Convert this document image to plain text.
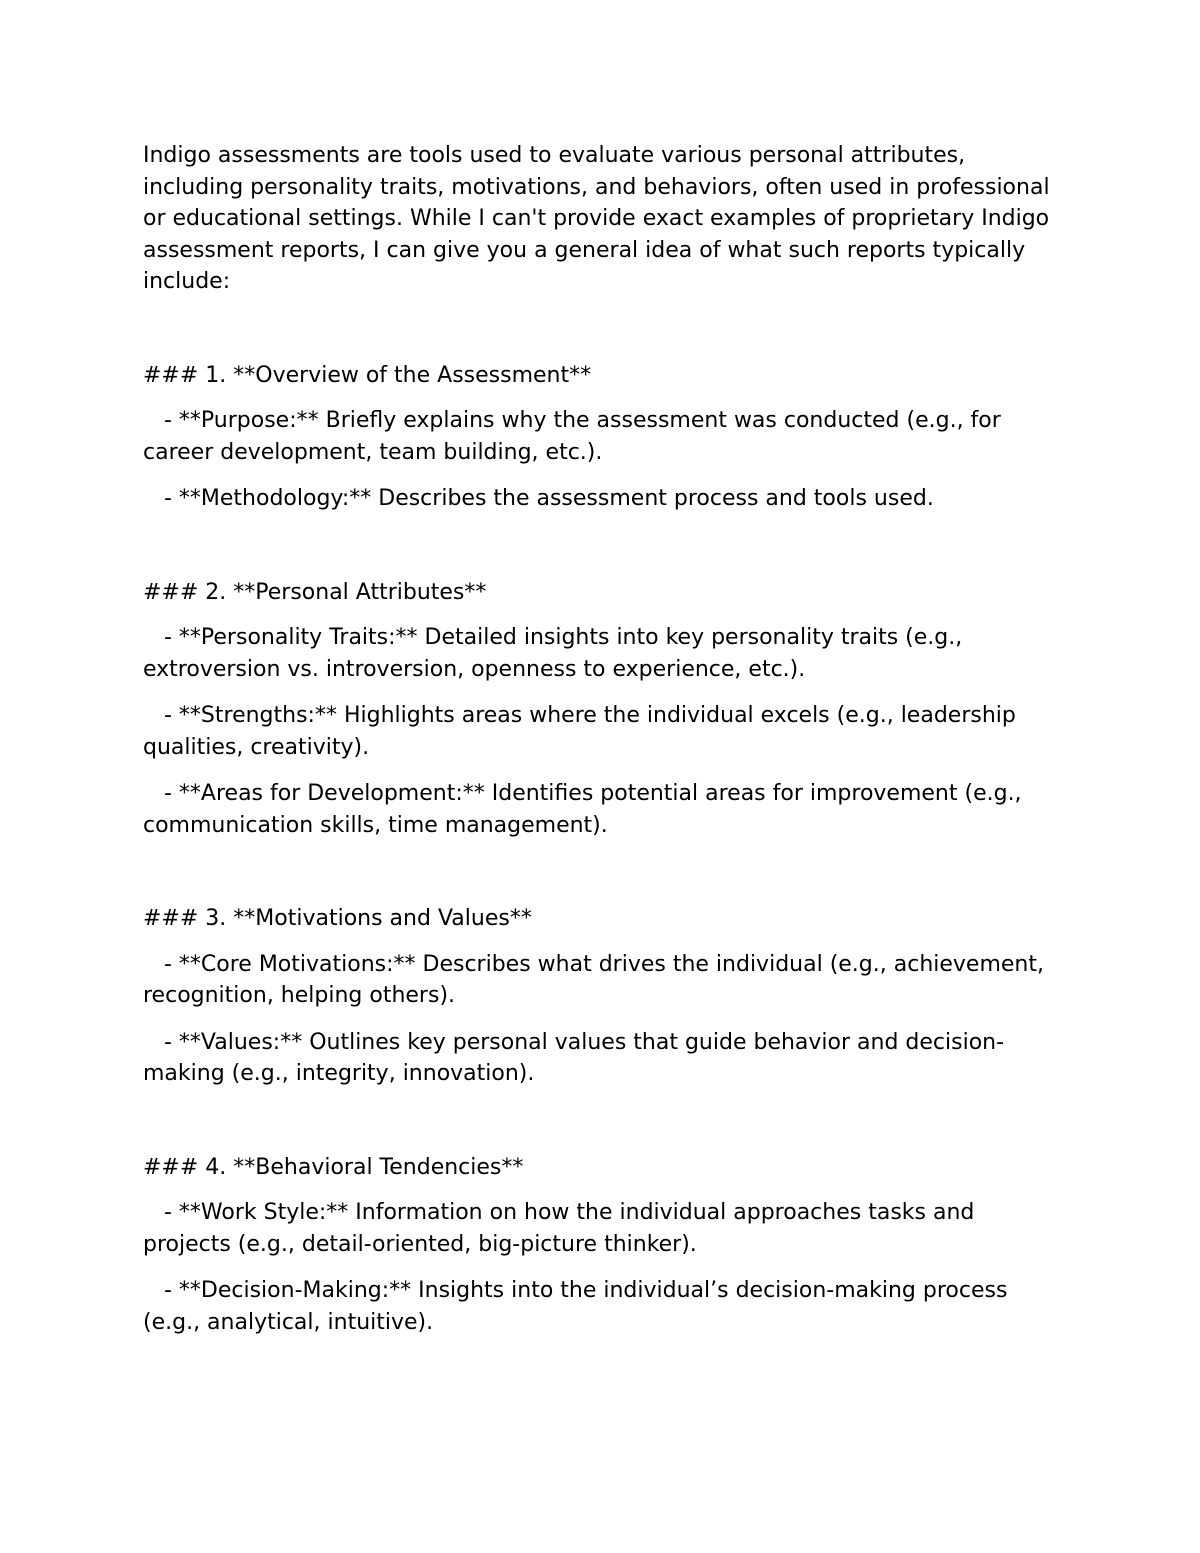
Indigo assessments are tools used to evaluate various personal attributes, including personality traits, motivations, and behaviors, often used in professional or educational settings. While I can't provide exact examples of proprietary Indigo assessment reports, I can give you a general idea of what such reports typically include:

### 1. **Overview of the Assessment**

- **Purpose:** Briefly explains why the assessment was conducted (e.g., for career development, team building, etc.).

- **Methodology:** Describes the assessment process and tools used.

### 2. **Personal Attributes**

- **Personality Traits:** Detailed insights into key personality traits (e.g., extroversion vs. introversion, openness to experience, etc.).

- **Strengths:** Highlights areas where the individual excels (e.g., leadership qualities, creativity).

- **Areas for Development:** Identifies potential areas for improvement (e.g., communication skills, time management).

### 3. **Motivations and Values**

- **Core Motivations:** Describes what drives the individual (e.g., achievement, recognition, helping others).

- **Values:** Outlines key personal values that guide behavior and decision-making (e.g., integrity, innovation).

### 4. **Behavioral Tendencies**

- **Work Style:** Information on how the individual approaches tasks and projects (e.g., detail-oriented, big-picture thinker).

- **Decision-Making:** Insights into the individual’s decision-making process (e.g., analytical, intuitive).
